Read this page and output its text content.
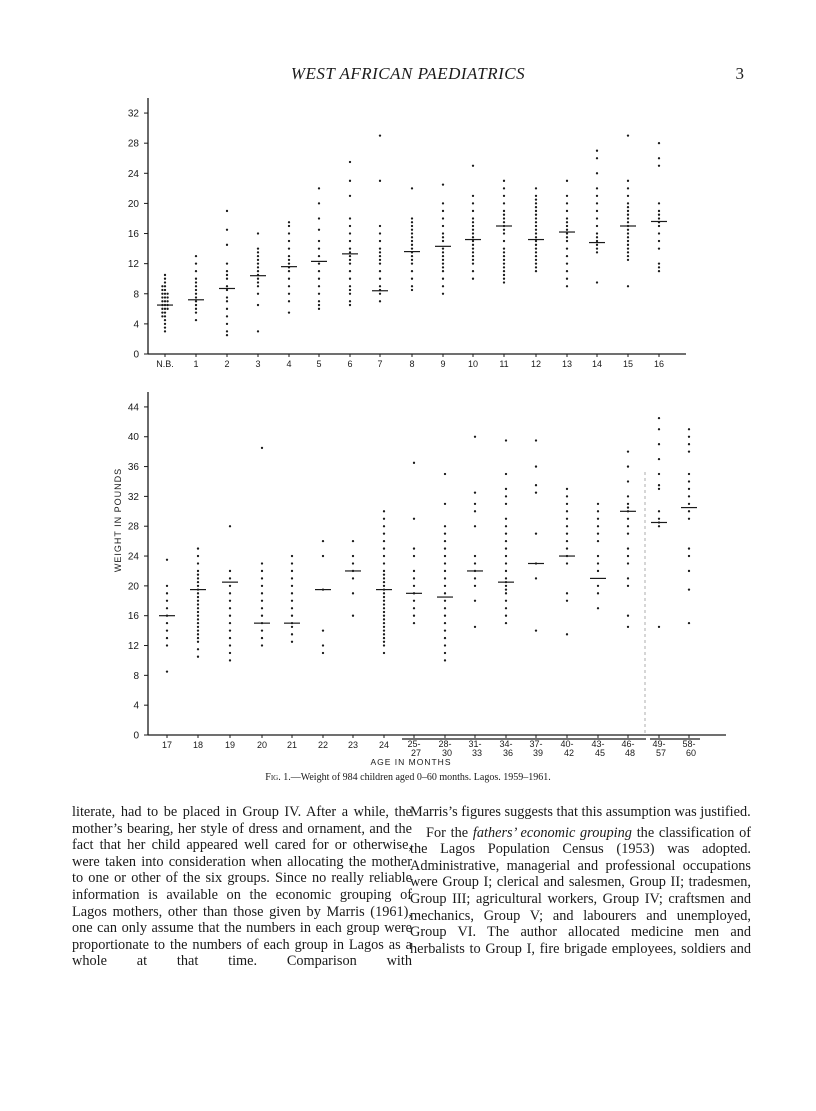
WEST AFRICAN PAEDIATRICS	3
0
4
8
12
16
20
24
28
32
N.B. 1	2	3	4	5	6	7	8	9 10 11 12 13 14 15 16
0
4
8
12
16
20
24
28
32
36
40
44
17 18 19 20 21 22 23 24 25-
27
28-
30
31-
33
34-
36
37-
39
40-
42
43-
45
46-
48
49-
57
58-
60
WEIGHT IN POUNDS
AGE IN MONTHS
Fig. 1.—Weight of 984 children aged 0–60 months. Lagos. 1959–1961.

literate, had to be placed in Group IV. After a while, the mother’s bearing, her style of dress and ornament, and the fact that her child appeared well cared for or otherwise, were taken into consideration when allocating the mother to one or other of the six groups. Since no really reliable information is available on the economic grouping of Lagos mothers, other than those given by Marris (1961), one can only assume that the numbers in each group were proportionate to the numbers of each group in Lagos as a whole at that time. Comparison with

Marris’s figures suggests that this assumption was justified.

For the fathers’ economic grouping the classification of the Lagos Population Census (1953) was adopted. Administrative, managerial and professional occupations were Group I; clerical and salesmen, Group II; tradesmen, Group III; agricultural workers, Group IV; craftsmen and mechanics, Group V; and labourers and unemployed, Group VI. The author allocated medicine men and herbalists to Group I, fire brigade employees, soldiers and
